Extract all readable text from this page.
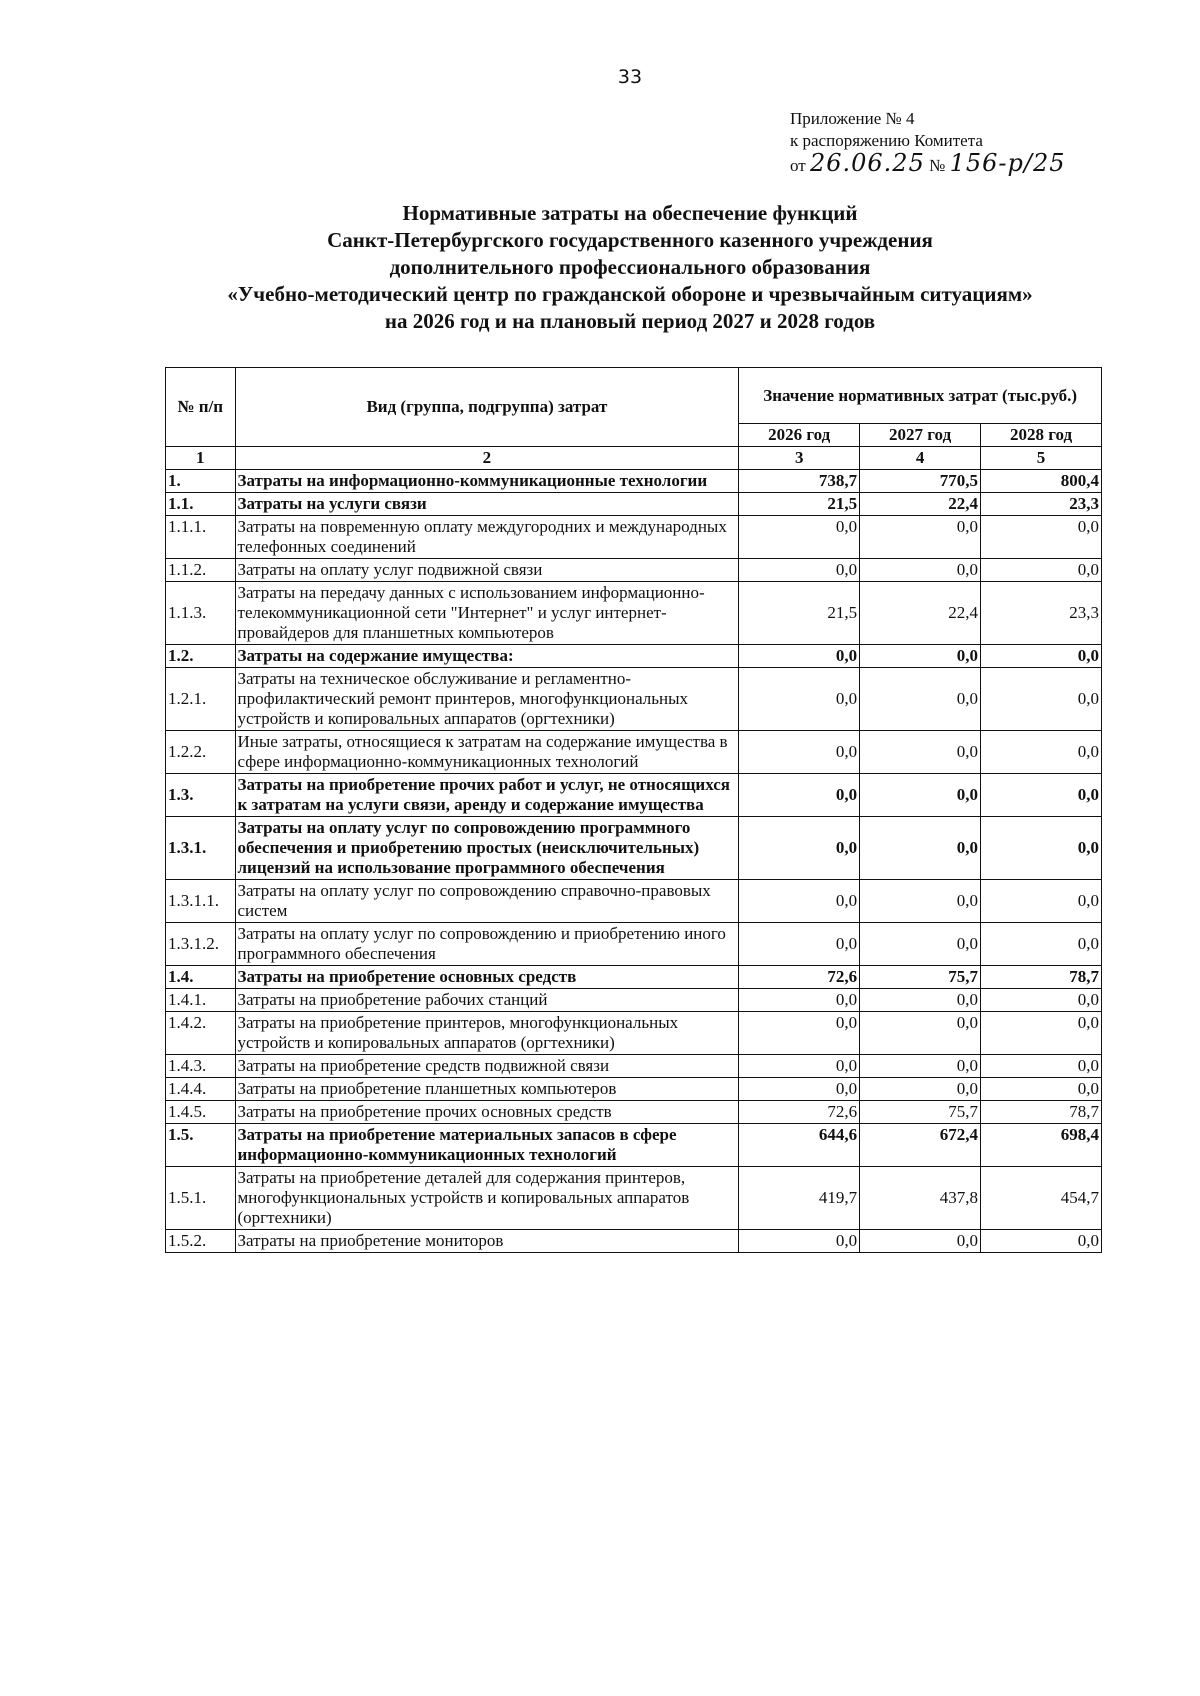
33
Приложение № 4
к распоряжению Комитета
от 26.06.25 № 156-р/25
Нормативные затраты на обеспечение функций
Санкт-Петербургского государственного казенного учреждения
дополнительного профессионального образования
«Учебно-методический центр по гражданской обороне и чрезвычайным ситуациям»
на 2026 год и на плановый период 2027 и 2028 годов
№ п/п	Вид (группа, подгруппа) затрат	Значение нормативных затрат (тыс.руб.)		
		2026 год	2027 год	2028 год
1	2	3	4	5
1.	Затраты на информационно-коммуникационные технологии	738,7	770,5	800,4
1.1.	Затраты на услуги связи	21,5	22,4	23,3
1.1.1.	Затраты на повременную оплату междугородних и международных телефонных соединений	0,0	0,0	0,0
1.1.2.	Затраты на оплату услуг подвижной связи	0,0	0,0	0,0
1.1.3.	Затраты на передачу данных с использованием информационно-телекоммуникационной сети "Интернет" и услуг интернет-провайдеров для планшетных компьютеров	21,5	22,4	23,3
1.2.	Затраты на содержание имущества:	0,0	0,0	0,0
1.2.1.	Затраты на техническое обслуживание и регламентно-профилактический ремонт принтеров, многофункциональных устройств и копировальных аппаратов (оргтехники)	0,0	0,0	0,0
1.2.2.	Иные затраты, относящиеся к затратам на содержание имущества в сфере информационно-коммуникационных технологий	0,0	0,0	0,0
1.3.	Затраты на приобретение прочих работ и услуг, не относящихся к затратам на услуги связи, аренду и содержание имущества	0,0	0,0	0,0
1.3.1.	Затраты на оплату услуг по сопровождению программного обеспечения и приобретению простых (неисключительных) лицензий на использование программного обеспечения	0,0	0,0	0,0
1.3.1.1.	Затраты на оплату услуг по сопровождению справочно-правовых систем	0,0	0,0	0,0
1.3.1.2.	Затраты на оплату услуг по сопровождению и приобретению иного программного обеспечения	0,0	0,0	0,0
1.4.	Затраты на приобретение основных средств	72,6	75,7	78,7
1.4.1.	Затраты на приобретение рабочих станций	0,0	0,0	0,0
1.4.2.	Затраты на приобретение принтеров, многофункциональных устройств и копировальных аппаратов (оргтехники)	0,0	0,0	0,0
1.4.3.	Затраты на приобретение средств подвижной связи	0,0	0,0	0,0
1.4.4.	Затраты на приобретение планшетных компьютеров	0,0	0,0	0,0
1.4.5.	Затраты на приобретение прочих основных средств	72,6	75,7	78,7
1.5.	Затраты на приобретение материальных запасов в сфере информационно-коммуникационных технологий	644,6	672,4	698,4
1.5.1.	Затраты на приобретение деталей для содержания принтеров, многофункциональных устройств и копировальных аппаратов (оргтехники)	419,7	437,8	454,7
1.5.2.	Затраты на приобретение мониторов	0,0	0,0	0,0
